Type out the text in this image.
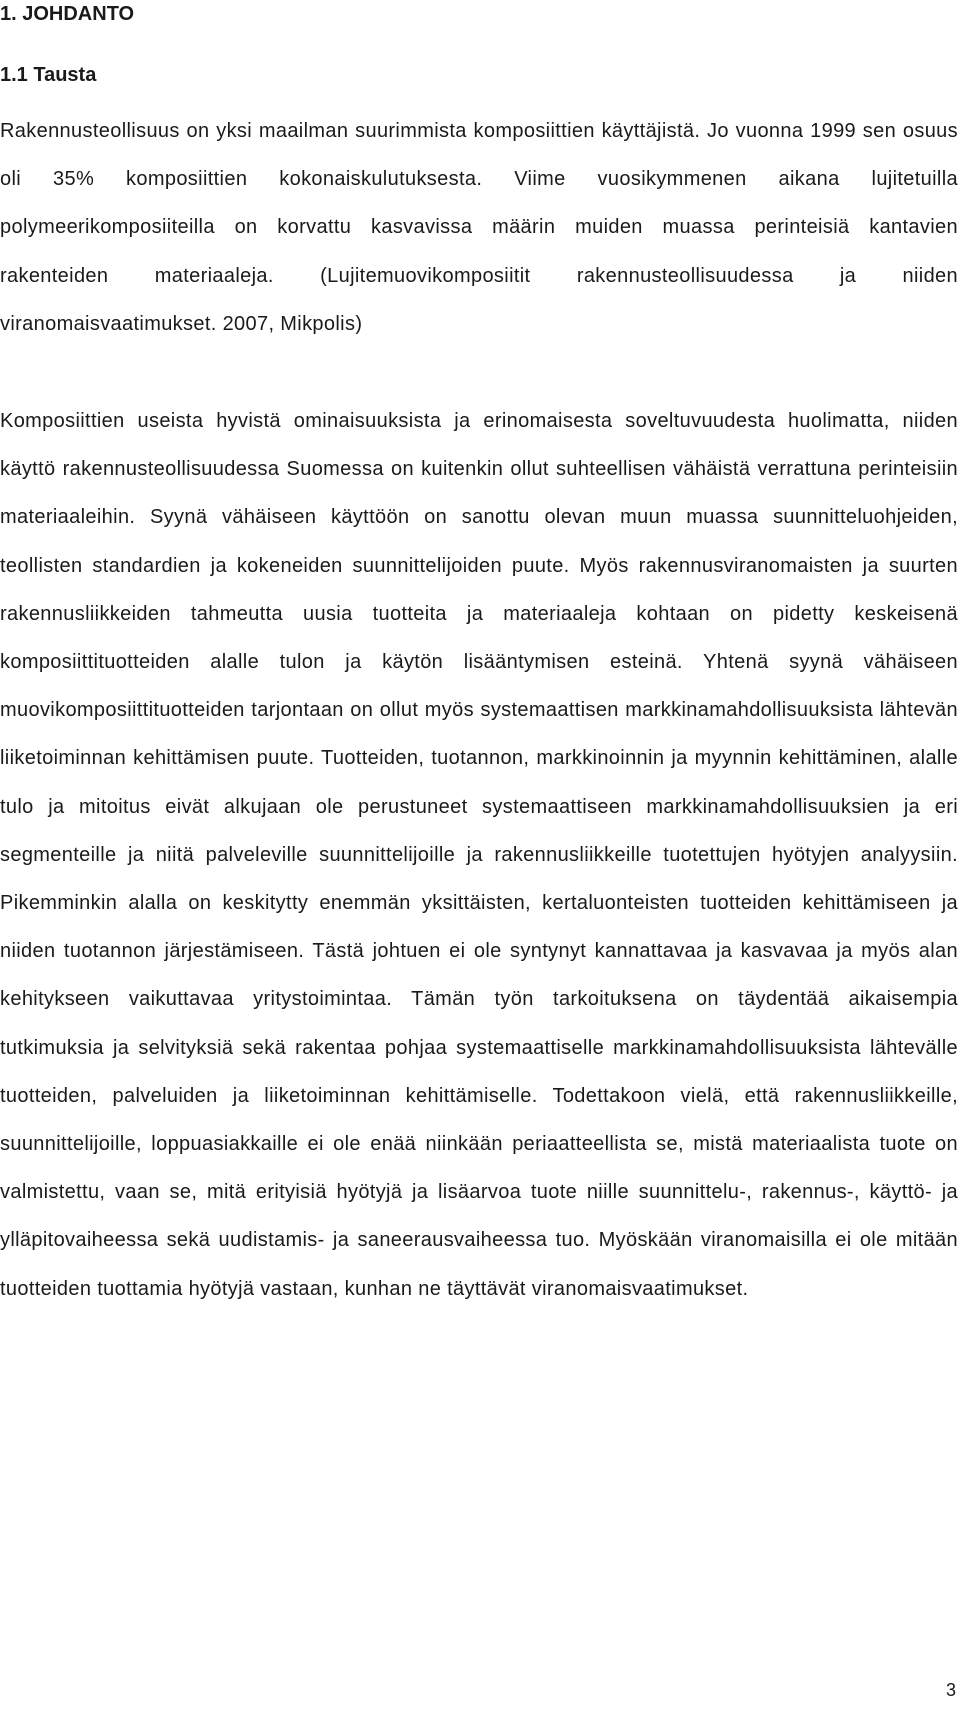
1. JOHDANTO
1.1 Tausta

Rakennusteollisuus on yksi maailman suurimmista komposiittien käyttäjistä. Jo vuonna 1999 sen osuus oli 35% komposiittien kokonaiskulutuksesta. Viime vuosikymmenen aikana lujitetuilla polymeerikomposiiteilla on korvattu kasvavissa määrin muiden muassa perinteisiä kantavien rakenteiden materiaaleja. (Lujitemuovikomposiitit rakennusteollisuudessa ja niiden viranomaisvaatimukset. 2007, Mikpolis)

Komposiittien useista hyvistä ominaisuuksista ja erinomaisesta soveltuvuudesta huolimatta, niiden käyttö rakennusteollisuudessa Suomessa on kuitenkin ollut suhteellisen vähäistä verrattuna perinteisiin materiaaleihin. Syynä vähäiseen käyttöön on sanottu olevan muun muassa suunnitteluohjeiden, teollisten standardien ja kokeneiden suunnittelijoiden puute. Myös rakennusviranomaisten ja suurten rakennusliikkeiden tahmeutta uusia tuotteita ja materiaaleja kohtaan on pidetty keskeisenä komposiittituotteiden alalle tulon ja käytön lisääntymisen esteinä. Yhtenä syynä vähäiseen muovikomposiittituotteiden tarjontaan on ollut myös systemaattisen markkinamahdollisuuksista lähtevän liiketoiminnan kehittämisen puute. Tuotteiden, tuotannon, markkinoinnin ja myynnin kehittäminen, alalle tulo ja mitoitus eivät alkujaan ole perustuneet systemaattiseen markkinamahdollisuuksien ja eri segmenteille ja niitä palveleville suunnittelijoille ja rakennusliikkeille tuotettujen hyötyjen analyysiin. Pikemminkin alalla on keskitytty enemmän yksittäisten, kertaluonteisten tuotteiden kehittämiseen ja niiden tuotannon järjestämiseen. Tästä johtuen ei ole syntynyt kannattavaa ja kasvavaa ja myös alan kehitykseen vaikuttavaa yritystoimintaa. Tämän työn tarkoituksena on täydentää aikaisempia tutkimuksia ja selvityksiä sekä rakentaa pohjaa systemaattiselle markkinamahdollisuuksista lähtevälle tuotteiden, palveluiden ja liiketoiminnan kehittämiselle. Todettakoon vielä, että rakennusliikkeille, suunnittelijoille, loppuasiakkaille ei ole enää niinkään periaatteellista se, mistä materiaalista tuote on valmistettu, vaan se, mitä erityisiä hyötyjä ja lisäarvoa tuote niille suunnittelu-, rakennus-, käyttö- ja ylläpitovaiheessa sekä uudistamis- ja saneerausvaiheessa tuo. Myöskään viranomaisilla ei ole mitään tuotteiden tuottamia hyötyjä vastaan, kunhan ne täyttävät viranomaisvaatimukset.

3
